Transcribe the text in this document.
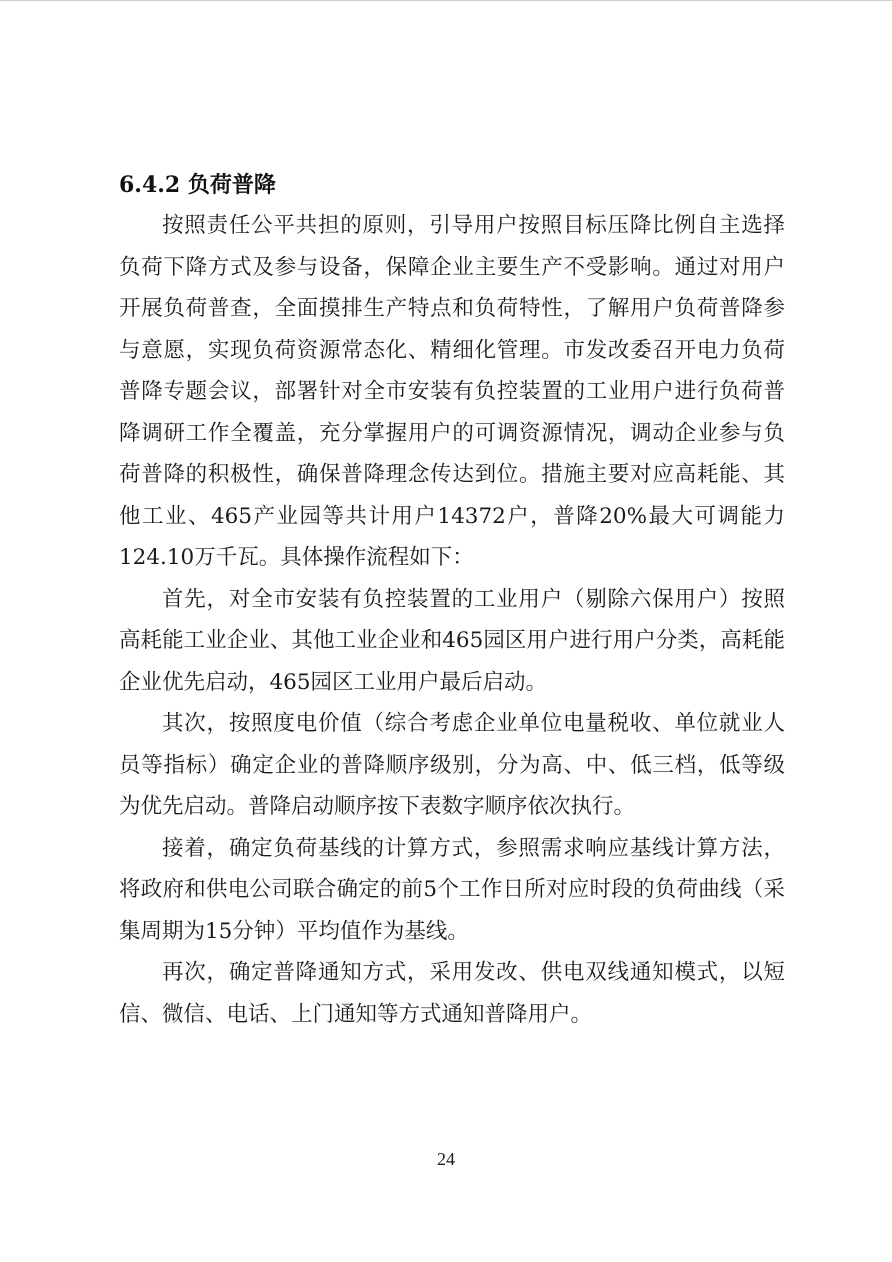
6.4.2 负荷普降

按照责任公平共担的原则，引导用户按照目标压降比例自主选择负荷下降方式及参与设备，保障企业主要生产不受影响。通过对用户开展负荷普查，全面摸排生产特点和负荷特性，了解用户负荷普降参与意愿，实现负荷资源常态化、精细化管理。市发改委召开电力负荷普降专题会议，部署针对全市安装有负控装置的工业用户进行负荷普降调研工作全覆盖，充分掌握用户的可调资源情况，调动企业参与负荷普降的积极性，确保普降理念传达到位。措施主要对应高耗能、其他工业、465产业园等共计用户14372户，普降20%最大可调能力124.10万千瓦。具体操作流程如下：

首先，对全市安装有负控装置的工业用户（剔除六保用户）按照高耗能工业企业、其他工业企业和465园区用户进行用户分类，高耗能企业优先启动，465园区工业用户最后启动。

其次，按照度电价值（综合考虑企业单位电量税收、单位就业人员等指标）确定企业的普降顺序级别，分为高、中、低三档，低等级为优先启动。普降启动顺序按下表数字顺序依次执行。

接着，确定负荷基线的计算方式，参照需求响应基线计算方法，将政府和供电公司联合确定的前5个工作日所对应时段的负荷曲线（采集周期为15分钟）平均值作为基线。

再次，确定普降通知方式，采用发改、供电双线通知模式，以短信、微信、电话、上门通知等方式通知普降用户。

24
